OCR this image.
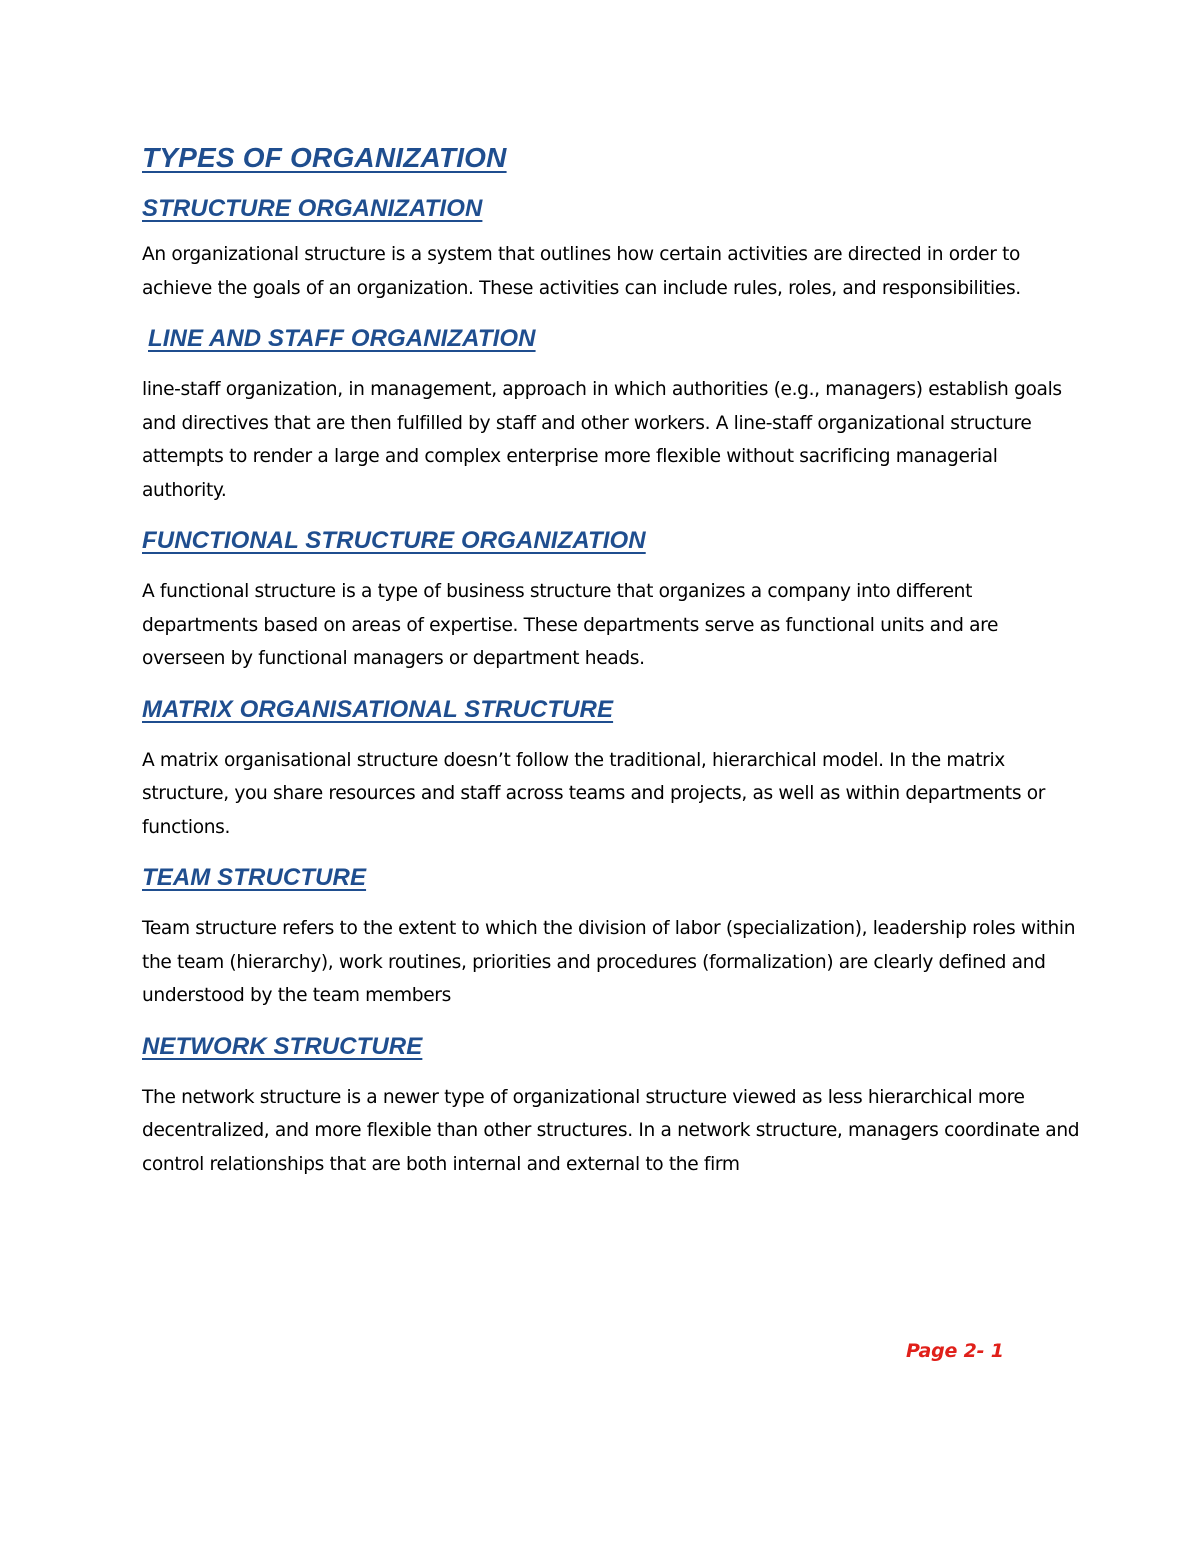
TYPES OF ORGANIZATION
STRUCTURE ORGANIZATION

An organizational structure is a system that outlines how certain activities are directed in order to achieve the goals of an organization. These activities can include rules, roles, and responsibilities.

LINE AND STAFF ORGANIZATION

line-staff organization, in management, approach in which authorities (e.g., managers) establish goals and directives that are then fulfilled by staff and other workers. A line-staff organizational structure attempts to render a large and complex enterprise more flexible without sacrificing managerial authority.

FUNCTIONAL STRUCTURE ORGANIZATION

A functional structure is a type of business structure that organizes a company into different departments based on areas of expertise. These departments serve as functional units and are overseen by functional managers or department heads.

MATRIX ORGANISATIONAL STRUCTURE

A matrix organisational structure doesn’t follow the traditional, hierarchical model. In the matrix structure, you share resources and staff across teams and projects, as well as within departments or functions.

TEAM STRUCTURE

Team structure refers to the extent to which the division of labor (specialization), leadership roles within the team (hierarchy), work routines, priorities and procedures (formalization) are clearly defined and understood by the team members

NETWORK STRUCTURE

The network structure is a newer type of organizational structure viewed as less hierarchical more decentralized, and more flexible than other structures. In a network structure, managers coordinate and control relationships that are both internal and external to the firm

Page 2- 1
